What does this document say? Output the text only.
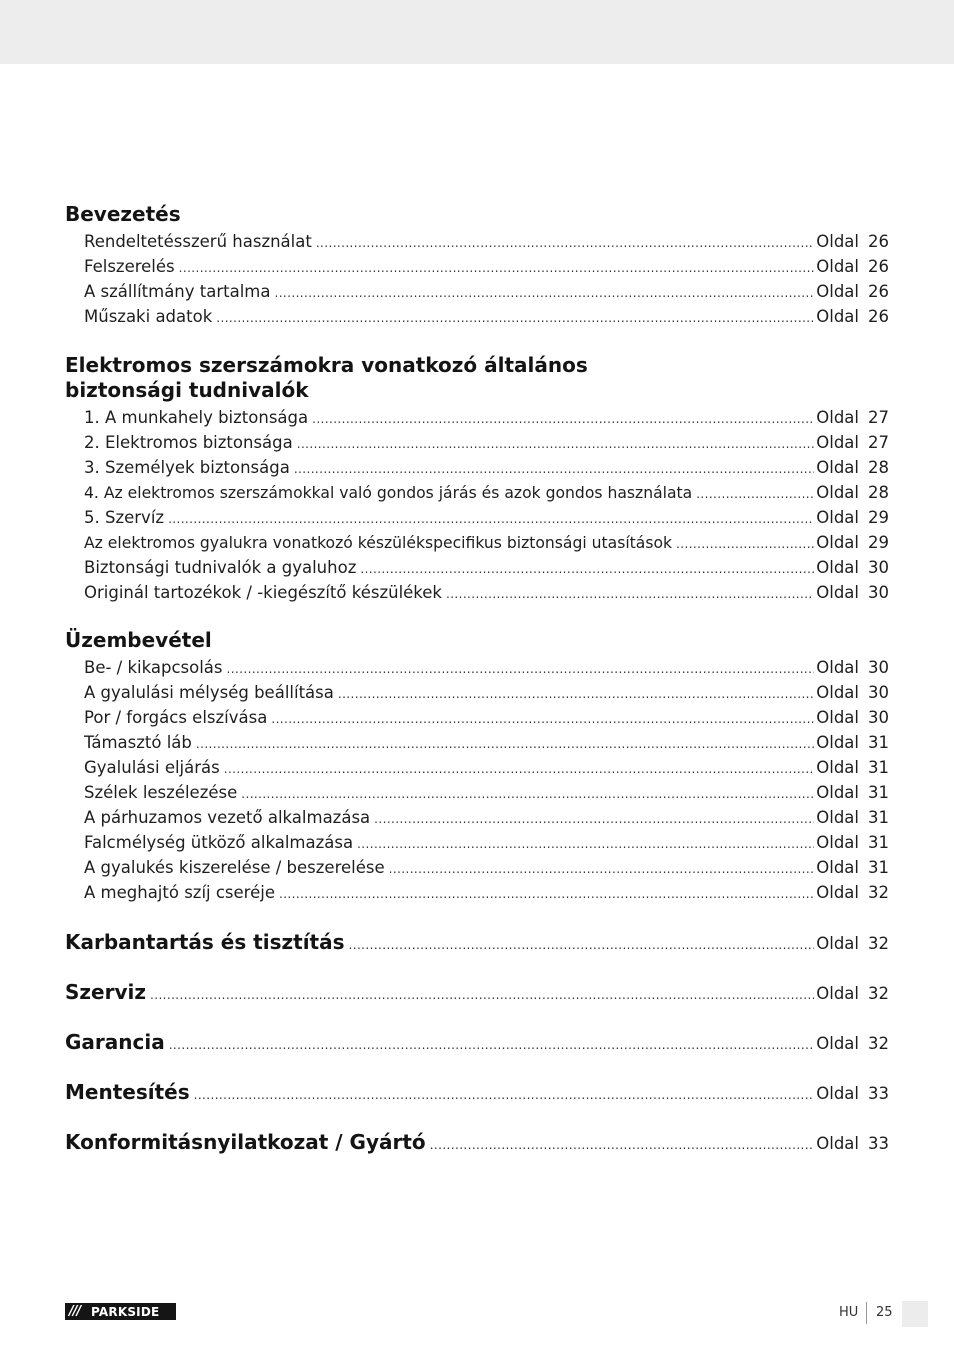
Bevezetés
Rendeltetésszerű használat .....	Oldal 26
Felszerelés .....	Oldal 26
A szállítmány tartalma .....	Oldal 26
Műszaki adatok .....	Oldal 26
Elektromos szerszámokra vonatkozó általános
biztonsági tudnivalók
1. A munkahely biztonsága .....	Oldal 27
2. Elektromos biztonsága .....	Oldal 27
3. Személyek biztonsága .....	Oldal 28
4. Az elektromos szerszámokkal való gondos járás és azok gondos használata .....	Oldal 28
5. Szervíz .....	Oldal 29
Az elektromos gyalukra vonatkozó készülékspecifikus biztonsági utasítások .....	Oldal 29
Biztonsági tudnivalók a gyaluhoz .....	Oldal 30
Originál tartozékok / -kiegészítő készülékek .....	Oldal 30
Üzembevétel
Be- / kikapcsolás .....	Oldal 30
A gyalulási mélység beállítása .....	Oldal 30
Por / forgács elszívása .....	Oldal 30
Támasztó láb .....	Oldal 31
Gyalulási eljárás .....	Oldal 31
Szélek leszélezése .....	Oldal 31
A párhuzamos vezető alkalmazása .....	Oldal 31
Falcmélység ütköző alkalmazása .....	Oldal 31
A gyalukés kiszerelése / beszerelése .....	Oldal 31
A meghajtó szíj cseréje .....	Oldal 32
Karbantartás és tisztítás .....	Oldal 32
Szerviz .....	Oldal 32
Garancia .....	Oldal 32
Mentesítés .....	Oldal 33
Konformitásnyilatkozat / Gyártó .....	Oldal 33
/// PARKSIDE	HU 25
